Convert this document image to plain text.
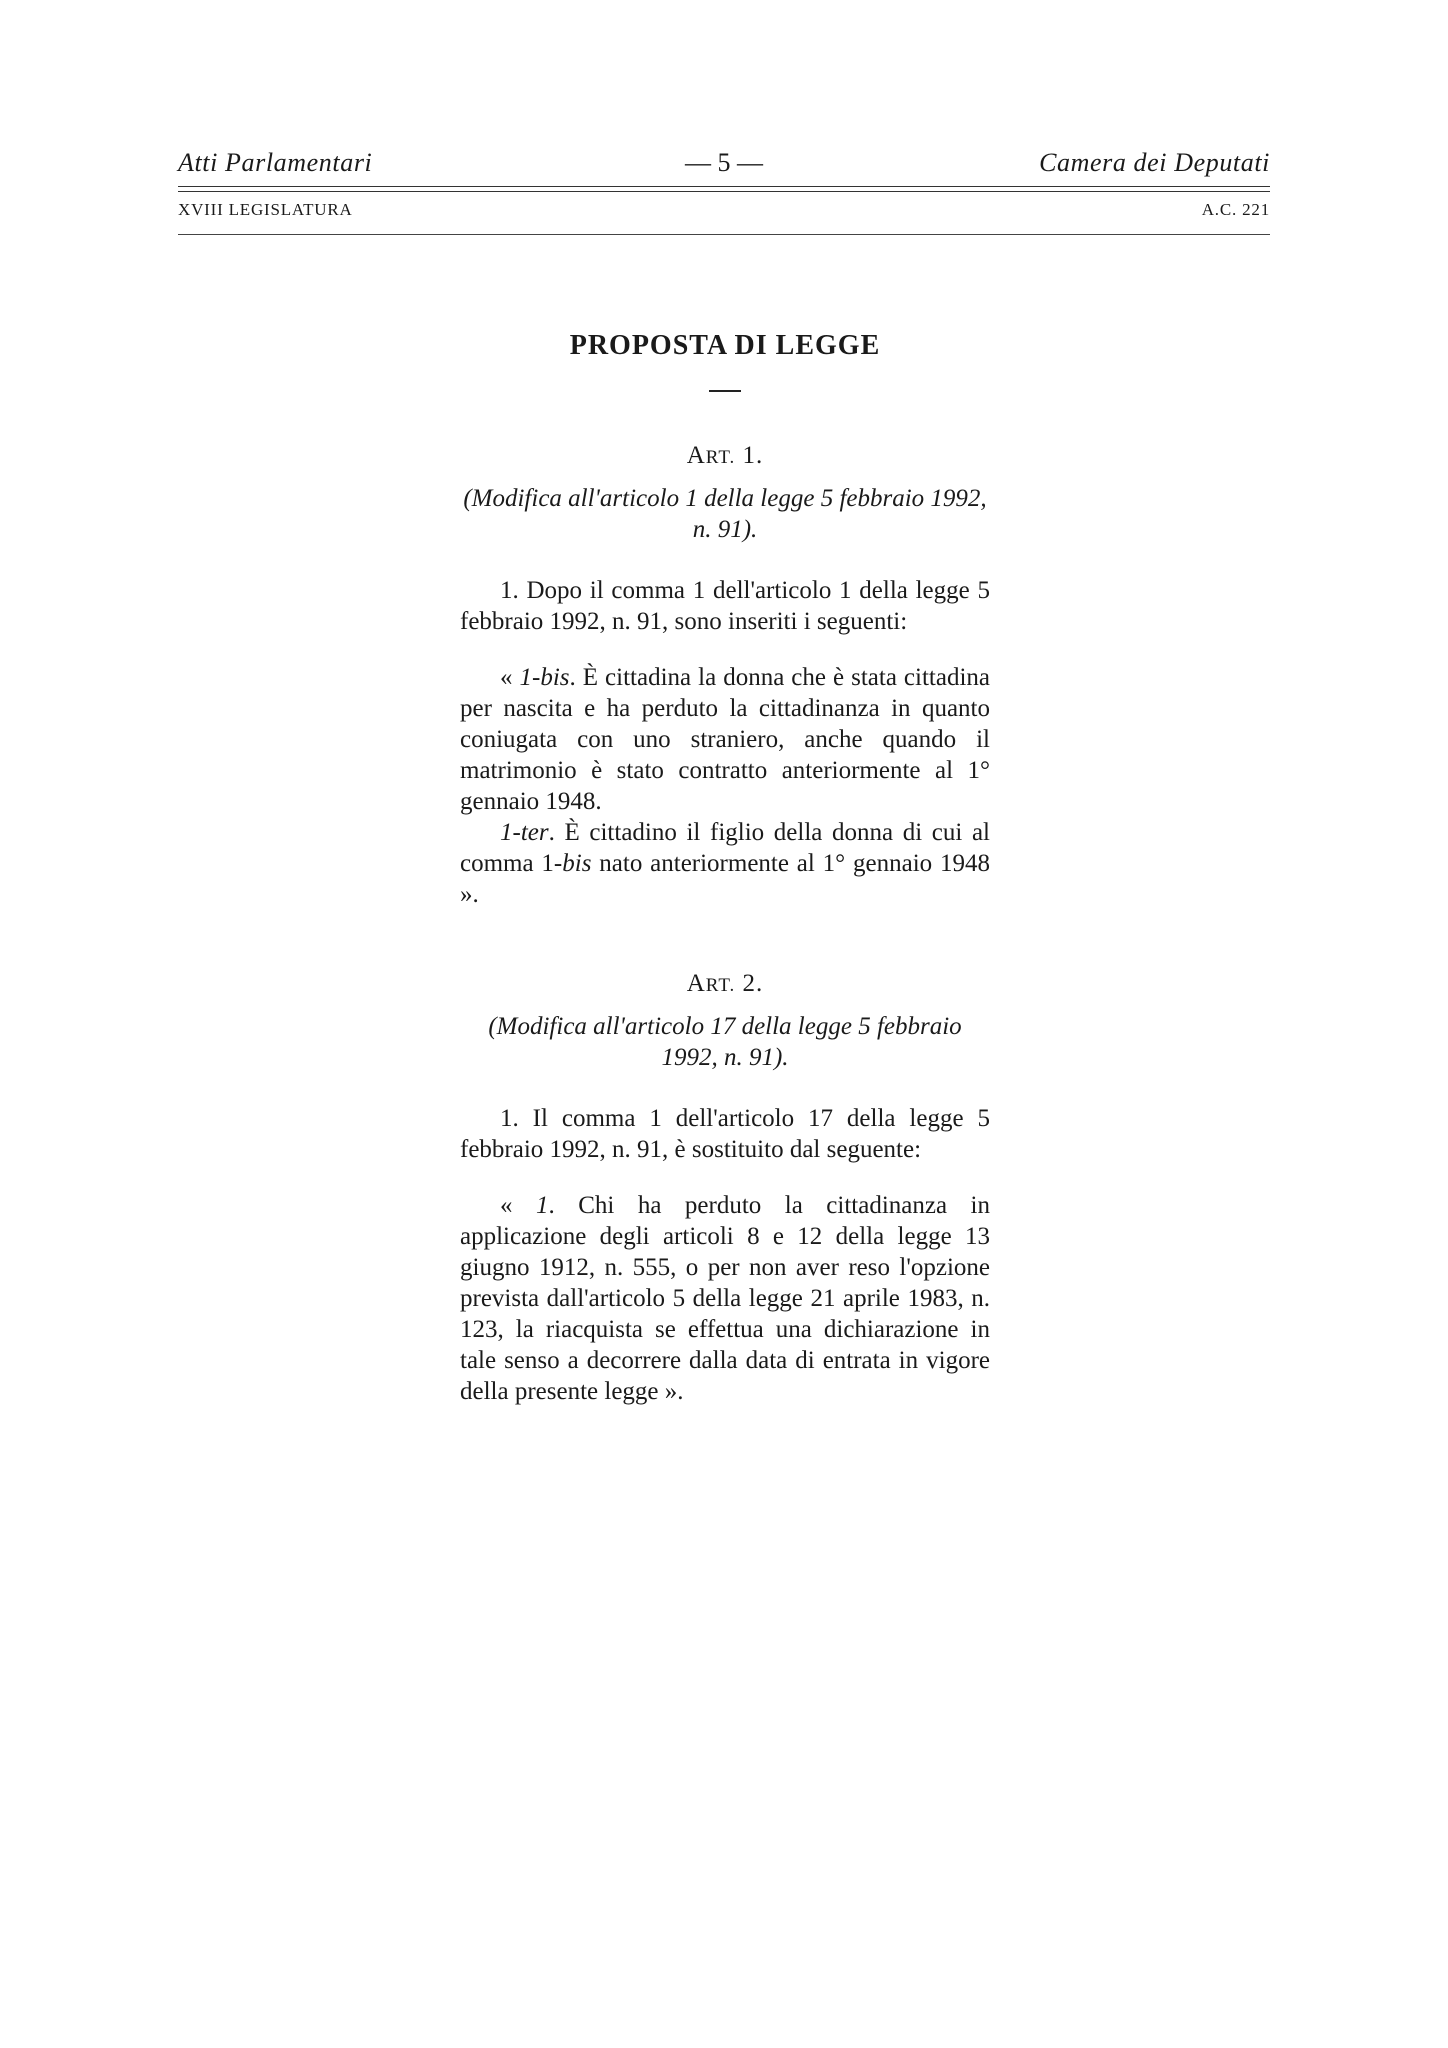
Atti Parlamentari	— 5 —	Camera dei Deputati
XVIII LEGISLATURA	A.C. 221
PROPOSTA DI LEGGE
ART. 1.
(Modifica all'articolo 1 della legge 5 febbraio 1992, n. 91).

1. Dopo il comma 1 dell'articolo 1 della legge 5 febbraio 1992, n. 91, sono inseriti i seguenti:

« 1-bis. È cittadina la donna che è stata cittadina per nascita e ha perduto la cittadinanza in quanto coniugata con uno straniero, anche quando il matrimonio è stato contratto anteriormente al 1° gennaio 1948.

1-ter. È cittadino il figlio della donna di cui al comma 1-bis nato anteriormente al 1° gennaio 1948 ».

ART. 2.
(Modifica all'articolo 17 della legge 5 febbraio 1992, n. 91).

1. Il comma 1 dell'articolo 17 della legge 5 febbraio 1992, n. 91, è sostituito dal seguente:

« 1. Chi ha perduto la cittadinanza in applicazione degli articoli 8 e 12 della legge 13 giugno 1912, n. 555, o per non aver reso l'opzione prevista dall'articolo 5 della legge 21 aprile 1983, n. 123, la riacquista se effettua una dichiarazione in tale senso a decorrere dalla data di entrata in vigore della presente legge ».
